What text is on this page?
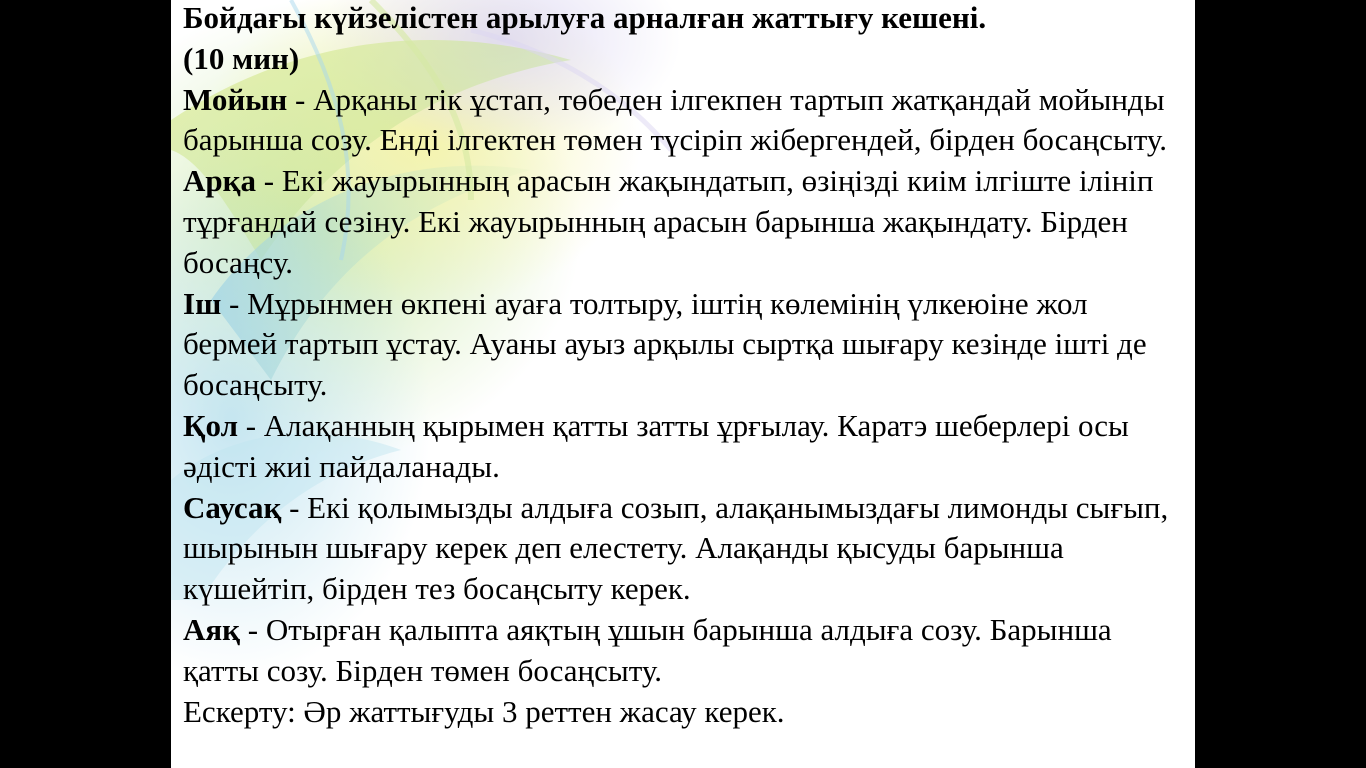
Бойдағы күйзелістен арылуға арналған жаттығу кешені.
(10 мин)

Мойын - Арқаны тік ұстап, төбеден ілгекпен тартып жатқандай мойынды барынша созу. Енді ілгектен төмен түсіріп жібергендей, бірден босаңсыту.

Арқа - Екі жауырынның арасын жақындатып, өзіңізді киім ілгіште ілініп тұрғандай сезіну. Екі жауырынның арасын барынша жақындату. Бірден босаңсу.

Іш - Мұрынмен өкпені ауаға толтыру, іштің көлемінің үлкеюіне жол бермей тартып ұстау. Ауаны ауыз арқылы сыртқа шығару кезінде іштi де босаңсыту.

Қол - Алақанның қырымен қатты затты ұрғылау. Каратэ шеберлері осы әдісті жиі пайдаланады.

Саусақ - Екі қолымызды алдыға созып, алақанымыздағы лимонды сығып, шырынын шығару керек деп елестету. Алақанды қысуды барынша күшейтіп, бірден тез босаңсыту керек.

Аяқ - Отырған қалыпта аяқтың ұшын барынша алдыға созу. Барынша қатты созу. Бірден төмен босаңсыту.

Ескерту: Әр жаттығуды 3 реттен жасау керек.
